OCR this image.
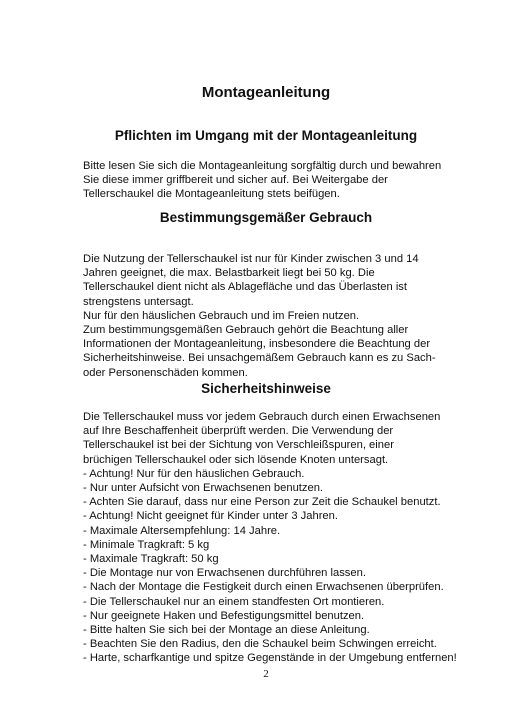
Montageanleitung
Pflichten im Umgang mit der Montageanleitung
Bitte lesen Sie sich die Montageanleitung sorgfältig durch und bewahren
Sie diese immer griffbereit und sicher auf. Bei Weitergabe der
Tellerschaukel die Montageanleitung stets beifügen.
Bestimmungsgemäßer Gebrauch
Die Nutzung der Tellerschaukel ist nur für Kinder zwischen 3 und 14
Jahren geeignet, die max. Belastbarkeit liegt bei 50 kg. Die
Tellerschaukel dient nicht als Ablagefläche und das Überlasten ist
strengstens untersagt.
Nur für den häuslichen Gebrauch und im Freien nutzen.
Zum bestimmungsgemäßen Gebrauch gehört die Beachtung aller
Informationen der Montageanleitung, insbesondere die Beachtung der
Sicherheitshinweise. Bei unsachgemäßem Gebrauch kann es zu Sach-
oder Personenschäden kommen.
Sicherheitshinweise
Die Tellerschaukel muss vor jedem Gebrauch durch einen Erwachsenen
auf Ihre Beschaffenheit überprüft werden. Die Verwendung der
Tellerschaukel ist bei der Sichtung von Verschleißspuren, einer
brüchigen Tellerschaukel oder sich lösende Knoten untersagt.
- Achtung! Nur für den häuslichen Gebrauch.
- Nur unter Aufsicht von Erwachsenen benutzen.
- Achten Sie darauf, dass nur eine Person zur Zeit die Schaukel benutzt.
- Achtung! Nicht geeignet für Kinder unter 3 Jahren.
- Maximale Altersempfehlung: 14 Jahre.
- Minimale Tragkraft: 5 kg
- Maximale Tragkraft: 50 kg
- Die Montage nur von Erwachsenen durchführen lassen.
- Nach der Montage die Festigkeit durch einen Erwachsenen überprüfen.
- Die Tellerschaukel nur an einem standfesten Ort montieren.
- Nur geeignete Haken und Befestigungsmittel benutzen.
- Bitte halten Sie sich bei der Montage an diese Anleitung.
- Beachten Sie den Radius, den die Schaukel beim Schwingen erreicht.
- Harte, scharfkantige und spitze Gegenstände in der Umgebung entfernen!
2
